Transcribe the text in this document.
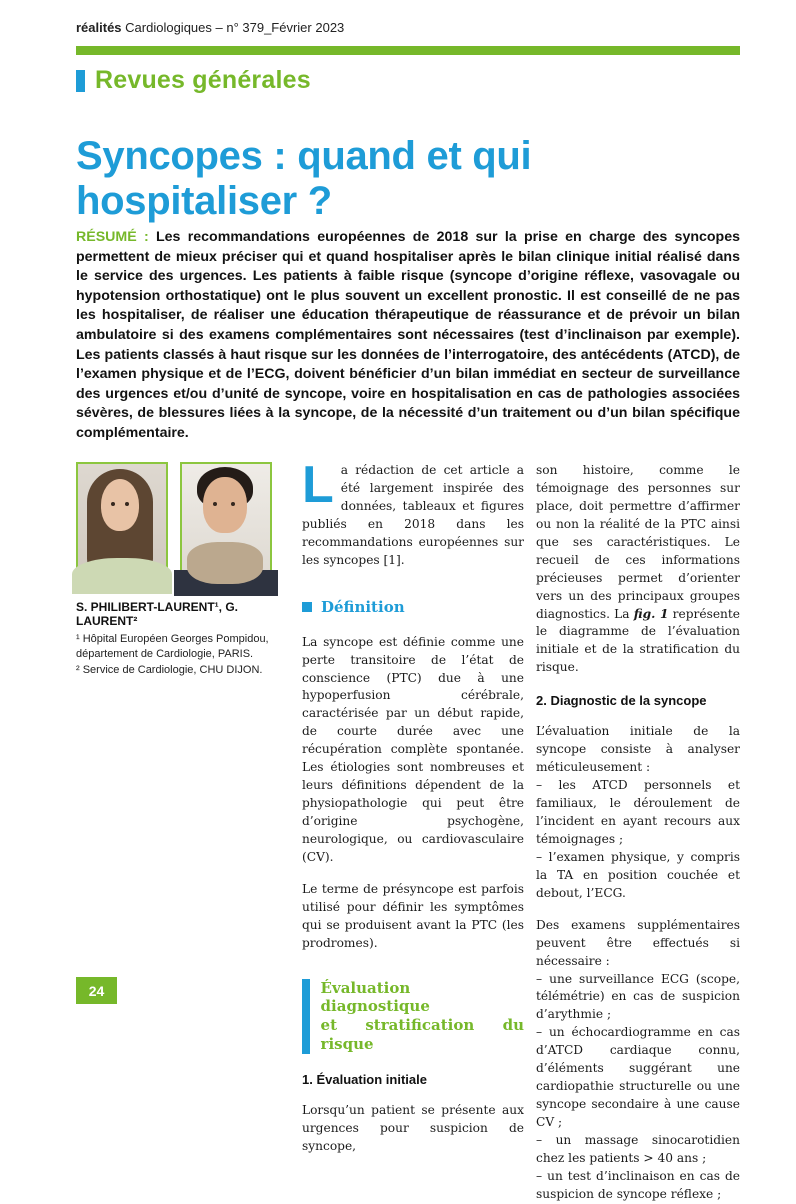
réalités Cardiologiques – n° 379_Février 2023
Revues générales
Syncopes : quand et qui hospitaliser ?
RÉSUMÉ : Les recommandations européennes de 2018 sur la prise en charge des syncopes permettent de mieux préciser qui et quand hospitaliser après le bilan clinique initial réalisé dans le service des urgences. Les patients à faible risque (syncope d’origine réflexe, vasovagale ou hypotension orthostatique) ont le plus souvent un excellent pronostic. Il est conseillé de ne pas les hospitaliser, de réaliser une éducation thérapeutique de réassurance et de prévoir un bilan ambulatoire si des examens complémentaires sont nécessaires (test d’inclinaison par exemple). Les patients classés à haut risque sur les données de l’interrogatoire, des antécédents (ATCD), de l’examen physique et de l’ECG, doivent bénéficier d’un bilan immédiat en secteur de surveillance des urgences et/ou d’unité de syncope, voire en hospitalisation en cas de pathologies associées sévères, de blessures liées à la syncope, de la nécessité d’un traitement ou d’un bilan spécifique complémentaire.
S. PHILIBERT-LAURENT¹, G. LAURENT²
¹ Hôpital Européen Georges Pompidou, département de Cardiologie, PARIS.
² Service de Cardiologie, CHU DIJON.

La rédaction de cet article a été largement inspirée des données, tableaux et figures publiés en 2018 dans les recommandations européennes sur les syncopes [1].

Définition

La syncope est définie comme une perte transitoire de l’état de conscience (PTC) due à une hypoperfusion cérébrale, caractérisée par un début rapide, de courte durée avec une récupération complète spontanée. Les étiologies sont nombreuses et leurs définitions dépendent de la physiopathologie qui peut être d’origine psychogène, neurologique, ou cardiovasculaire (CV).

Le terme de présyncope est parfois utilisé pour définir les symptômes qui se produisent avant la PTC (les prodromes).

Évaluation diagnostique
et stratification du risque
1. Évaluation initiale

Lorsqu’un patient se présente aux urgences pour suspicion de syncope,

son histoire, comme le témoignage des personnes sur place, doit permettre d’affirmer ou non la réalité de la PTC ainsi que ses caractéristiques. Le recueil de ces informations précieuses permet d’orienter vers un des principaux groupes diagnostics. La fig. 1 représente le diagramme de l’évaluation initiale et de la stratification du risque.

2. Diagnostic de la syncope

L’évaluation initiale de la syncope consiste à analyser méticuleusement :

– les ATCD personnels et familiaux, le déroulement de l’incident en ayant recours aux témoignages ;

– l’examen physique, y compris la TA en position couchée et debout, l’ECG.

Des examens supplémentaires peuvent être effectués si nécessaire :

– une surveillance ECG (scope, télémétrie) en cas de suspicion d’arythmie ;

– un échocardiogramme en cas d’ATCD cardiaque connu, d’éléments suggérant une cardiopathie structurelle ou une syncope secondaire à une cause CV ;

– un massage sinocarotidien chez les patients > 40 ans ;

– un test d’inclinaison en cas de suspicion de syncope réflexe ;

24
